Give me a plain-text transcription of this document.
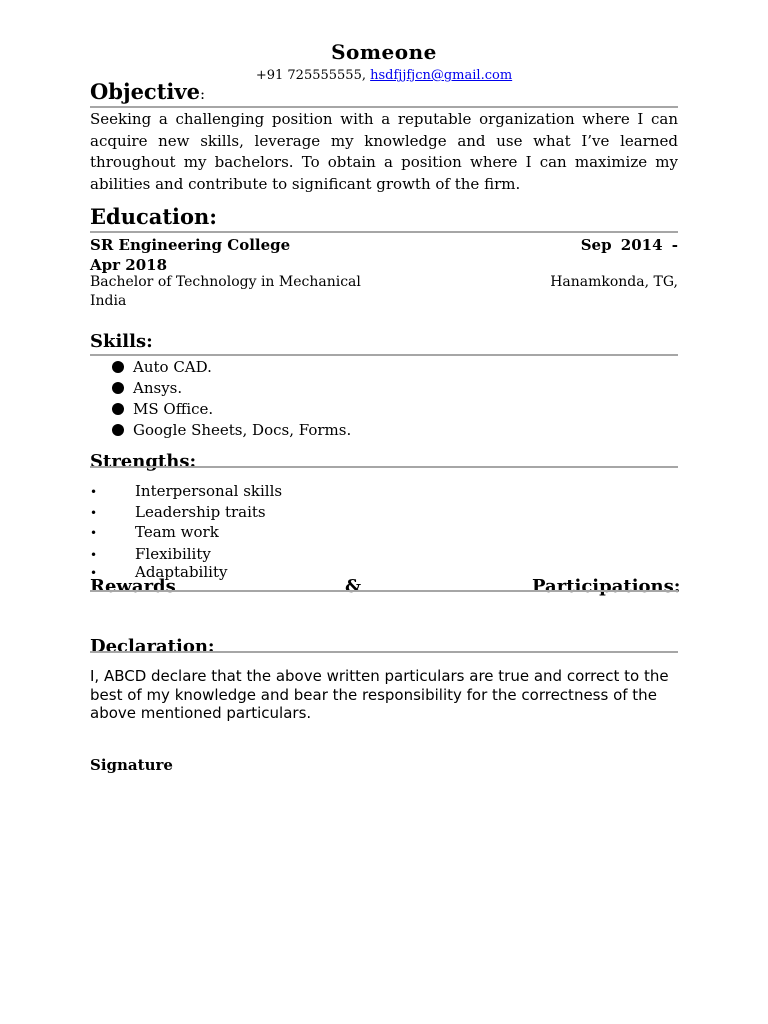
Someone
+91 725555555, hsdfjjfjcn@gmail.com
Objective:
Seeking a challenging position with a reputable organization where I can acquire new skills, leverage my knowledge and use what I’ve learned throughout my bachelors. To obtain a position where I can maximize my abilities and contribute to significant growth of the firm.
Education:
SR Engineering College	Sep 2014 -
Apr 2018
Bachelor of Technology in Mechanical	Hanamkonda, TG,
India
Skills:
Auto CAD.
Ansys.
MS Office.
Google Sheets, Docs, Forms.
Strengths:
•	Interpersonal skills
•	Leadership traits
•	Team work
•	Flexibility
•	Adaptability
Rewards	&	Participations:
Declaration:
I, ABCD declare that the above written particulars are true and correct to the best of my knowledge and bear the responsibility for the correctness of the above mentioned particulars.
Signature
